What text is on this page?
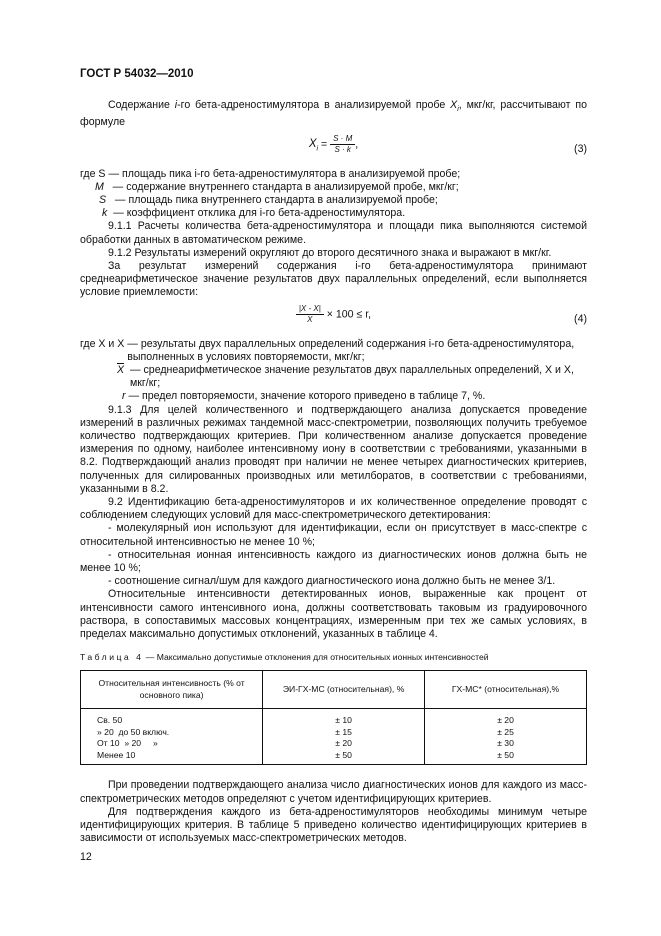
ГОСТ Р 54032—2010

Содержание i-го бета-адреностимулятора в анализируемой пробе $X_i$, мкг/кг, рассчитывают по формуле

$X_i = \frac{S \cdot M}{S \cdot k}$ ,	(3)
где S
— площадь пика i-го бета-адреностимулятора в анализируемой пробе;
M
— содержание внутреннего стандарта в анализируемой пробе, мкг/кг;
S
— площадь пика внутреннего стандарта в анализируемой пробе;
k
— коэффициент отклика для i-го бета-адреностимулятора.

9.1.1 Расчеты количества бета-адреностимулятора и площади пика выполняются системой обработки данных в автоматическом режиме.

9.1.2 Результаты измерений округляют до второго десятичного знака и выражают в мкг/кг.

За результат измерений содержания i-го бета-адреностимулятора принимают среднеарифметическое значение результатов двух параллельных определений, если выполняется условие приемлемости:

$\frac{|X - X|}{X} \times 100 \le r$,	(4)
где X и X
— результаты двух параллельных определений содержания i-го бета-адреностимулятора, выполненных в условиях повторяемости, мкг/кг;
$\overline{X}$
— среднеарифметическое значение результатов двух параллельных определений, X и X, мкг/кг;
r
— предел повторяемости, значение которого приведено в таблице 7, %.

9.1.3 Для целей количественного и подтверждающего анализа допускается проведение измерений в различных режимах тандемной масс-спектрометрии, позволяющих получить требуемое количество подтверждающих критериев. При количественном анализе допускается проведение измерения по одному, наиболее интенсивному иону в соответствии с требованиями, указанными в 8.2. Подтверждающий анализ проводят при наличии не менее четырех диагностических критериев, полученных для силированных производных или метилборатов, в соответствии с требованиями, указанными в 8.2.

9.2 Идентификацию бета-адреностимуляторов и их количественное определение проводят с соблюдением следующих условий для масс-спектрометрического детектирования:

- молекулярный ион используют для идентификации, если он присутствует в масс-спектре с относительной интенсивностью не менее 10 %;

- относительная ионная интенсивность каждого из диагностических ионов должна быть не менее 10 %;

- соотношение сигнал/шум для каждого диагностического иона должно быть не менее 3/1.

Относительные интенсивности детектированных ионов, выраженные как процент от интенсивности самого интенсивного иона, должны соответствовать таковым из градуировочного раствора, в сопоставимых массовых концентрациях, измеренным при тех же самых условиях, в пределах максимально допустимых отклонений, указанных в таблице 4.

Таблица 4 — Максимально допустимые отклонения для относительных ионных интенсивностей
Относительная интенсивность (% от основного пика)	ЭИ-ГХ-МС (относительная), %	ГХ-МС* (относительная),%
Св. 50	± 10	± 20
» 20  до 50 включ.	± 15	± 25
От 10  » 20     »	± 20	± 30
Менее 10	± 50	± 50

При проведении подтверждающего анализа число диагностических ионов для каждого из масс-спектрометрических методов определяют с учетом идентифицирующих критериев.

Для подтверждения каждого из бета-адреностимуляторов необходимы минимум четыре идентифицирующих критерия. В таблице 5 приведено количество идентифицирующих критериев в зависимости от используемых масс-спектрометрических методов.

12
